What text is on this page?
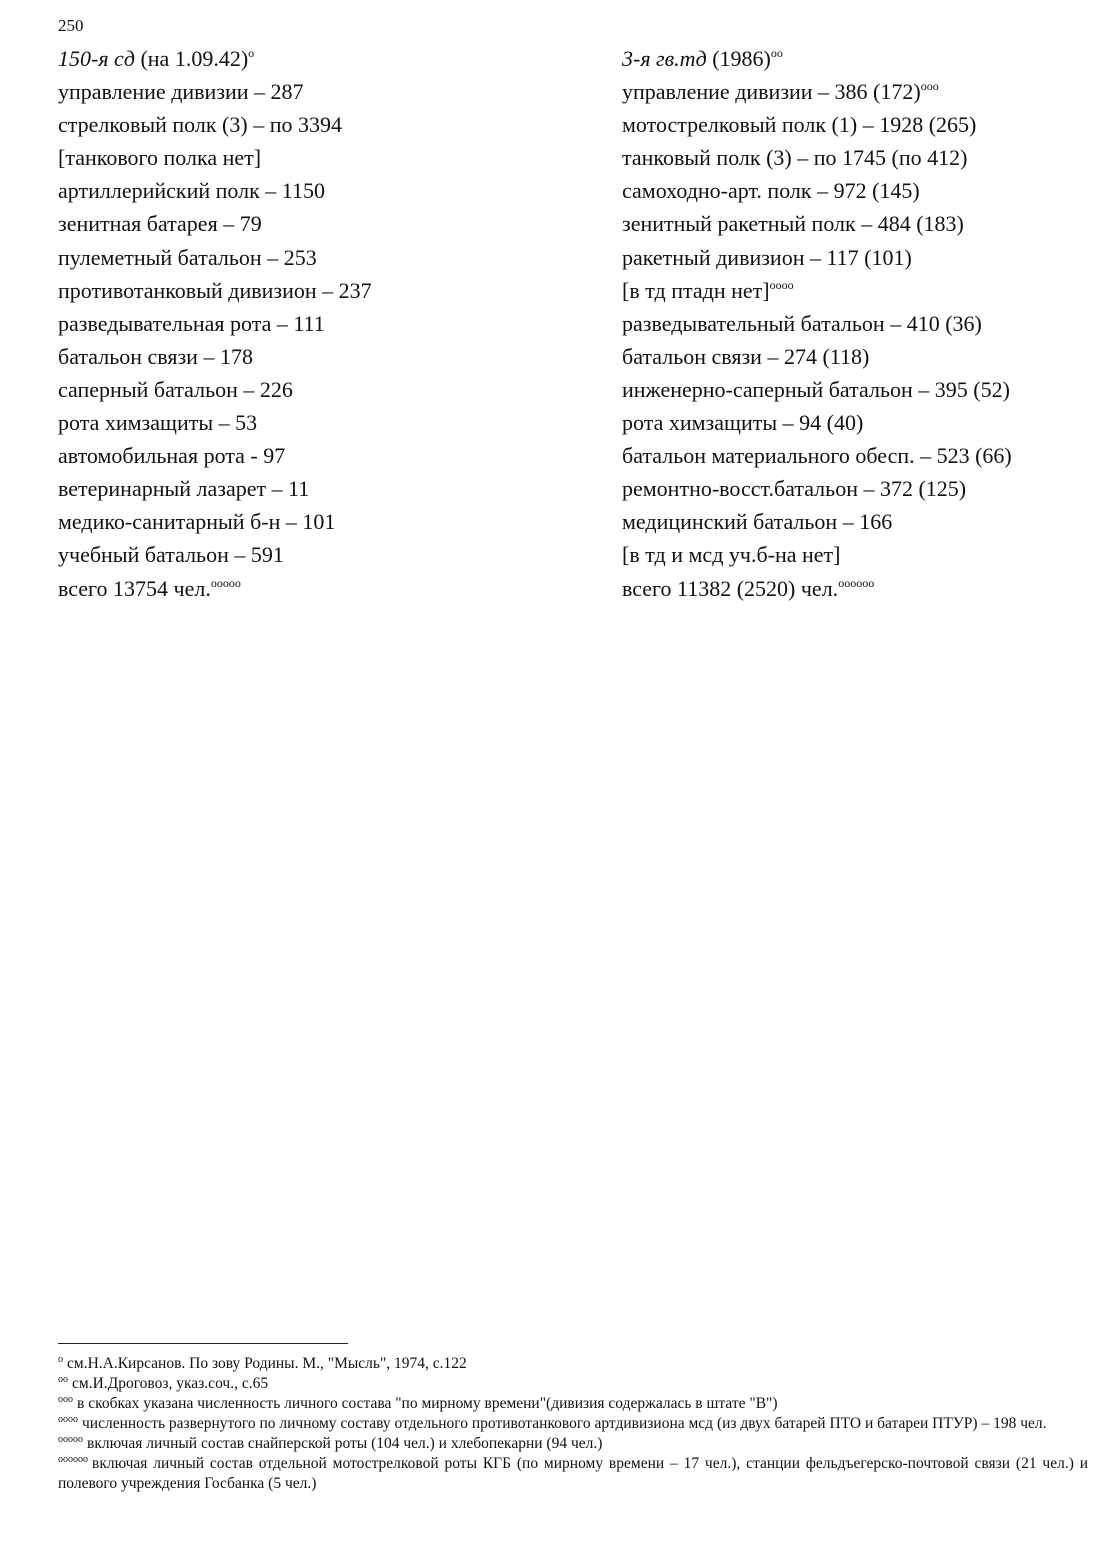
250
150-я сд (на 1.09.42)$^о$
управление дивизии – 287
стрелковый полк (3) – по 3394
[танкового полка нет]
артиллерийский полк – 1150
зенитная батарея – 79
пулеметный батальон – 253
противотанковый дивизион – 237
разведывательная рота – 111
батальон связи – 178
саперный батальон – 226
рота химзащиты – 53
автомобильная рота - 97
ветеринарный лазарет – 11
медико-санитарный б-н – 101
учебный батальон – 591
всего 13754 чел.$^{ооооо}$
3-я гв.тд $(1986)^{оо}$
управление дивизии – 386 $(172)^{ооо}$
мотострелковый полк (1) – 1928 (265)
танковый полк (3) – по 1745 (по 412)
самоходно-арт. полк – 972 (145)
зенитный ракетный полк – 484 (183)
ракетный дивизион – 117 (101)
[в тд птадн нет]$^{оооо}$
разведывательный батальон – 410 (36)
батальон связи – 274 (118)
инженерно-саперный батальон – 395 (52)
рота химзащиты – 94 (40)
батальон материального обесп. – 523 (66)
ремонтно-восст.батальон – 372 (125)
медицинский батальон – 166
[в тд и мсд уч.б-на нет]
всего 11382 (2520) чел.$^{оооооо}$
$^о$ см.Н.А.Кирсанов. По зову Родины. М., "Мысль", 1974, с.122
$^{оо}$ см.И.Дроговоз, указ.соч., с.65
$^{ооо}$ в скобках указана численность личного состава "по мирному времени"(дивизия содержалась в штате "В")
$^{оооо}$ численность развернутого по личному составу отдельного противотанкового артдивизиона мсд (из двух батарей ПТО и батареи ПТУР) – 198 чел.
$^{ооооо}$ включая личный состав снайперской роты (104 чел.) и хлебопекарни (94 чел.)
$^{оооооо}$ включая личный состав отдельной мотострелковой роты КГБ (по мирному времени – 17 чел.), станции фельдъегерско-почтовой связи (21 чел.) и полевого учреждения Госбанка (5 чел.)
